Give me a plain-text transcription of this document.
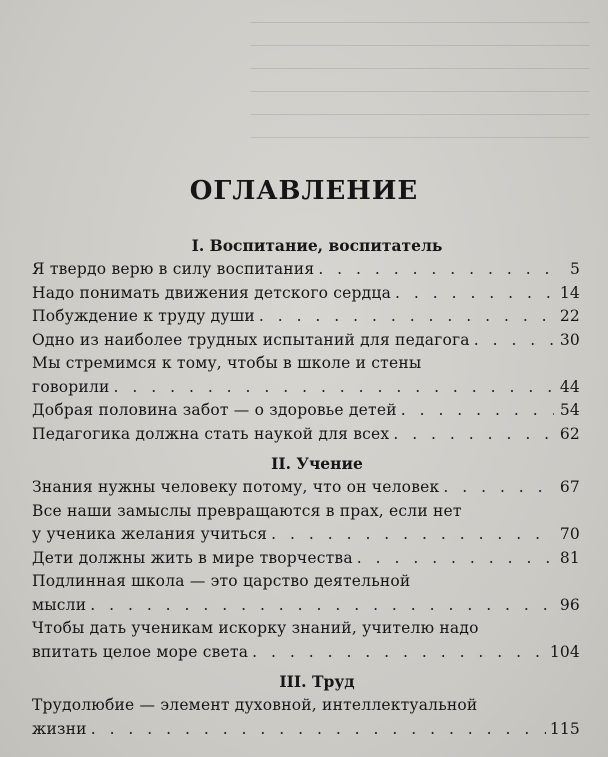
ОГЛАВЛЕНИЕ
I. Воспитание, воспитатель
Я твердо верю в силу воспитания . . .	5
Надо понимать движения детского сердца . . .	14
Побуждение к труду души . . .	22
Одно из наиболее трудных испытаний для педагога . . .	30
Мы стремимся к тому, чтобы в школе и стены
говорили . . .	44
Добрая половина забот — о здоровье детей . . .	54
Педагогика должна стать наукой для всех . . .	62
II. Учение
Знания нужны человеку потому, что он человек . . .	67
Все наши замыслы превращаются в прах, если нет
у ученика желания учиться . . .	70
Дети должны жить в мире творчества . . .	81
Подлинная школа — это царство деятельной
мысли . . .	96
Чтобы дать ученикам искорку знаний, учителю надо
впитать целое море света . . .	104
III. Труд
Трудолюбие — элемент духовной, интеллектуальной
жизни . . .	115
